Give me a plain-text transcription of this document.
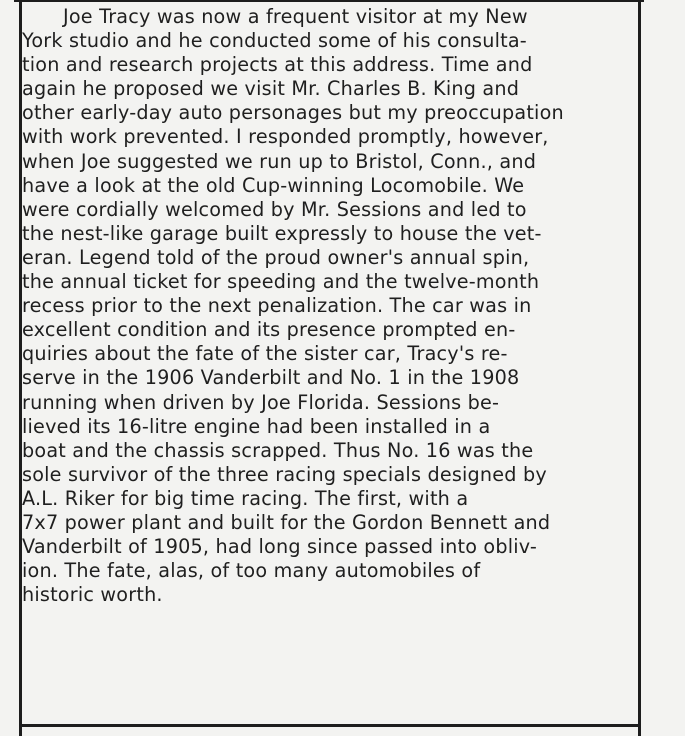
Joe Tracy was now a frequent visitor at my New
York studio and he conducted some of his consulta-
tion and research projects at this address. Time and
again he proposed we visit Mr. Charles B. King and
other early-day auto personages but my preoccupation
with work prevented. I responded promptly, however,
when Joe suggested we run up to Bristol, Conn., and
have a look at the old Cup-winning Locomobile. We
were cordially welcomed by Mr. Sessions and led to
the nest-like garage built expressly to house the vet-
eran. Legend told of the proud owner's annual spin,
the annual ticket for speeding and the twelve-month
recess prior to the next penalization. The car was in
excellent condition and its presence prompted en-
quiries about the fate of the sister car, Tracy's re-
serve in the 1906 Vanderbilt and No. 1 in the 1908
running when driven by Joe Florida. Sessions be-
lieved its 16-litre engine had been installed in a
boat and the chassis scrapped. Thus No. 16 was the
sole survivor of the three racing specials designed by
A.L. Riker for big time racing. The first, with a
7x7 power plant and built for the Gordon Bennett and
Vanderbilt of 1905, had long since passed into obliv-
ion. The fate, alas, of too many automobiles of
historic worth.
